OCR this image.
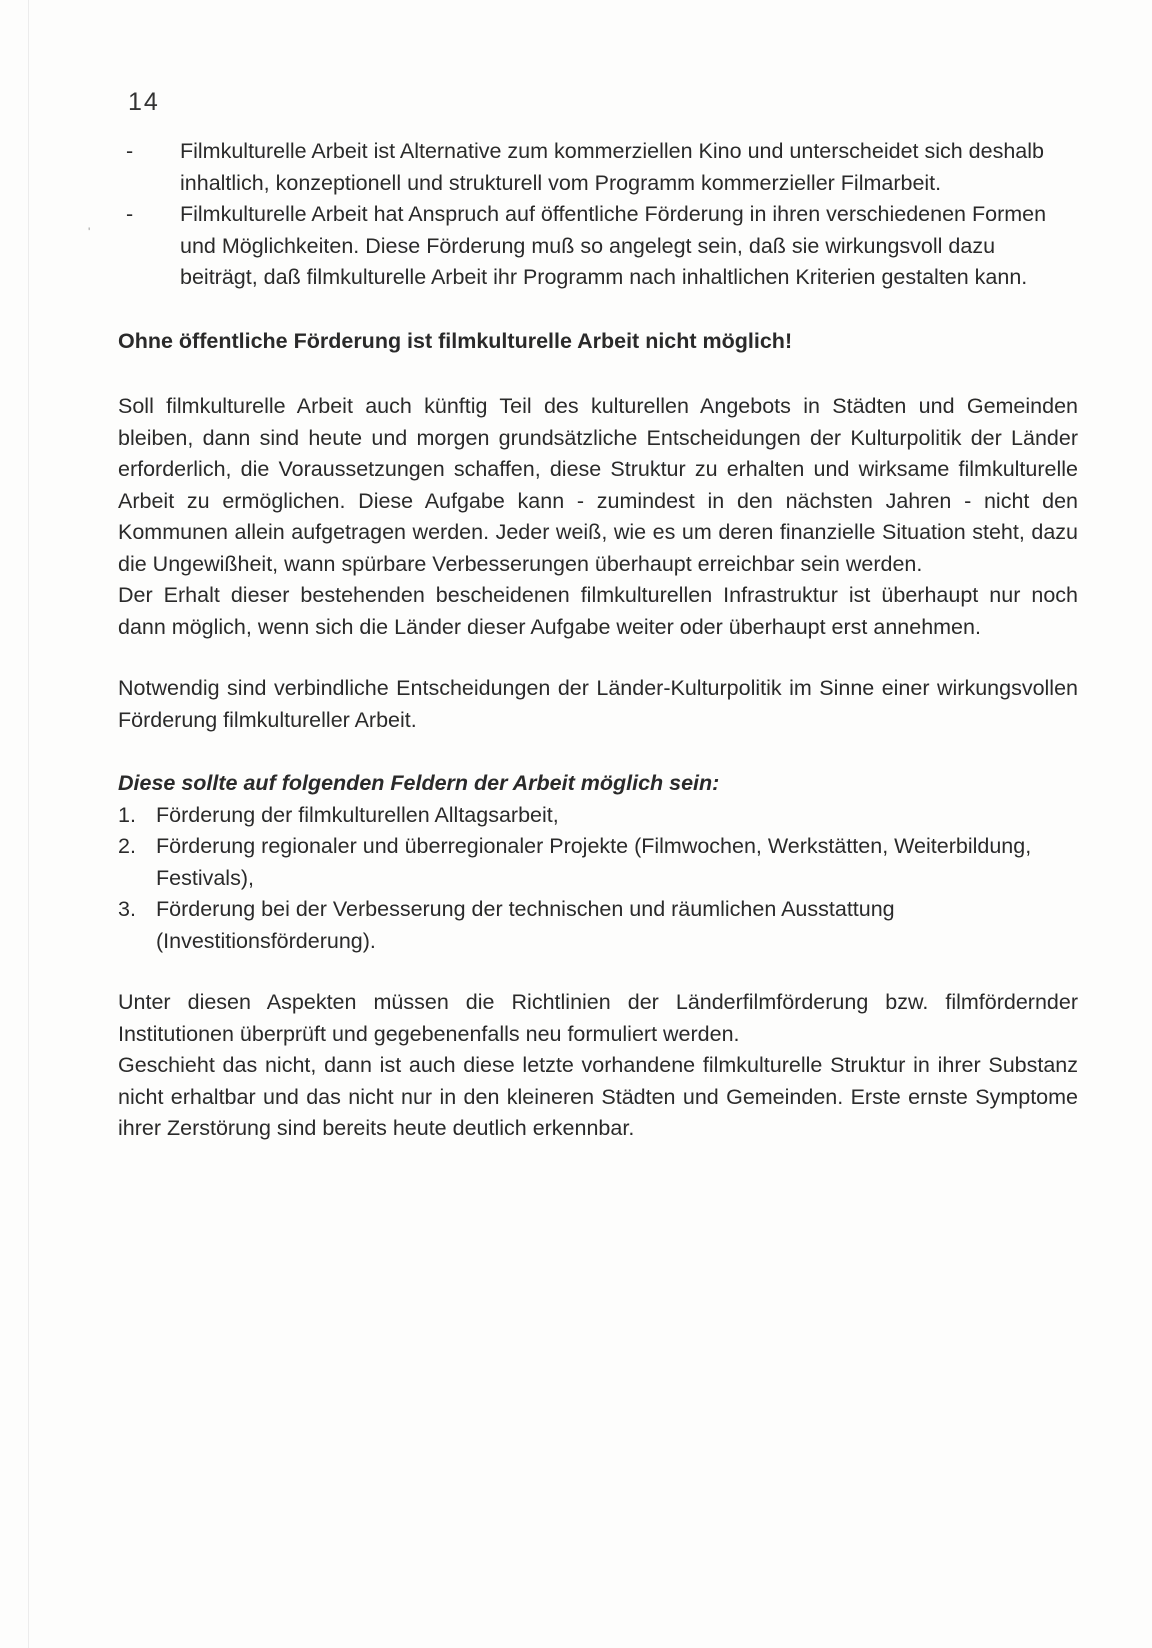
'
14
- Filmkulturelle Arbeit ist Alternative zum kommerziellen Kino und unterscheidet sich deshalb inhaltlich, konzeptionell und strukturell vom Programm kommerzieller Filmarbeit.
- Filmkulturelle Arbeit hat Anspruch auf öffentliche Förderung in ihren verschiedenen Formen und Möglichkeiten. Diese Förderung muß so angelegt sein, daß sie wirkungsvoll dazu beiträgt, daß filmkulturelle Arbeit ihr Programm nach inhaltlichen Kriterien gestalten kann.

Ohne öffentliche Förderung ist filmkulturelle Arbeit nicht möglich!

Soll filmkulturelle Arbeit auch künftig Teil des kulturellen Angebots in Städten und Gemeinden bleiben, dann sind heute und morgen grundsätzliche Entscheidungen der Kulturpolitik der Länder erforderlich, die Voraussetzungen schaffen, diese Struktur zu erhalten und wirksame filmkulturelle Arbeit zu ermöglichen. Diese Aufgabe kann - zumindest in den nächsten Jahren - nicht den Kommunen allein aufgetragen werden. Jeder weiß, wie es um deren finanzielle Situation steht, dazu die Ungewißheit, wann spürbare Verbesserungen überhaupt erreichbar sein werden.

Der Erhalt dieser bestehenden bescheidenen filmkulturellen Infrastruktur ist überhaupt nur noch dann möglich, wenn sich die Länder dieser Aufgabe weiter oder überhaupt erst annehmen.

Notwendig sind verbindliche Entscheidungen der Länder-Kulturpolitik im Sinne einer wirkungsvollen Förderung filmkultureller Arbeit.

Diese sollte auf folgenden Feldern der Arbeit möglich sein:

1. Förderung der filmkulturellen Alltagsarbeit,
2. Förderung regionaler und überregionaler Projekte (Filmwochen, Werkstätten, Weiterbildung, Festivals),
3. Förderung bei der Verbesserung der technischen und räumlichen Ausstattung (Investitionsförderung).

Unter diesen Aspekten müssen die Richtlinien der Länderfilmförderung bzw. filmfördernder Institutionen überprüft und gegebenenfalls neu formuliert werden.

Geschieht das nicht, dann ist auch diese letzte vorhandene filmkulturelle Struktur in ihrer Substanz nicht erhaltbar und das nicht nur in den kleineren Städten und Gemeinden. Erste ernste Symptome ihrer Zerstörung sind bereits heute deutlich erkennbar.
